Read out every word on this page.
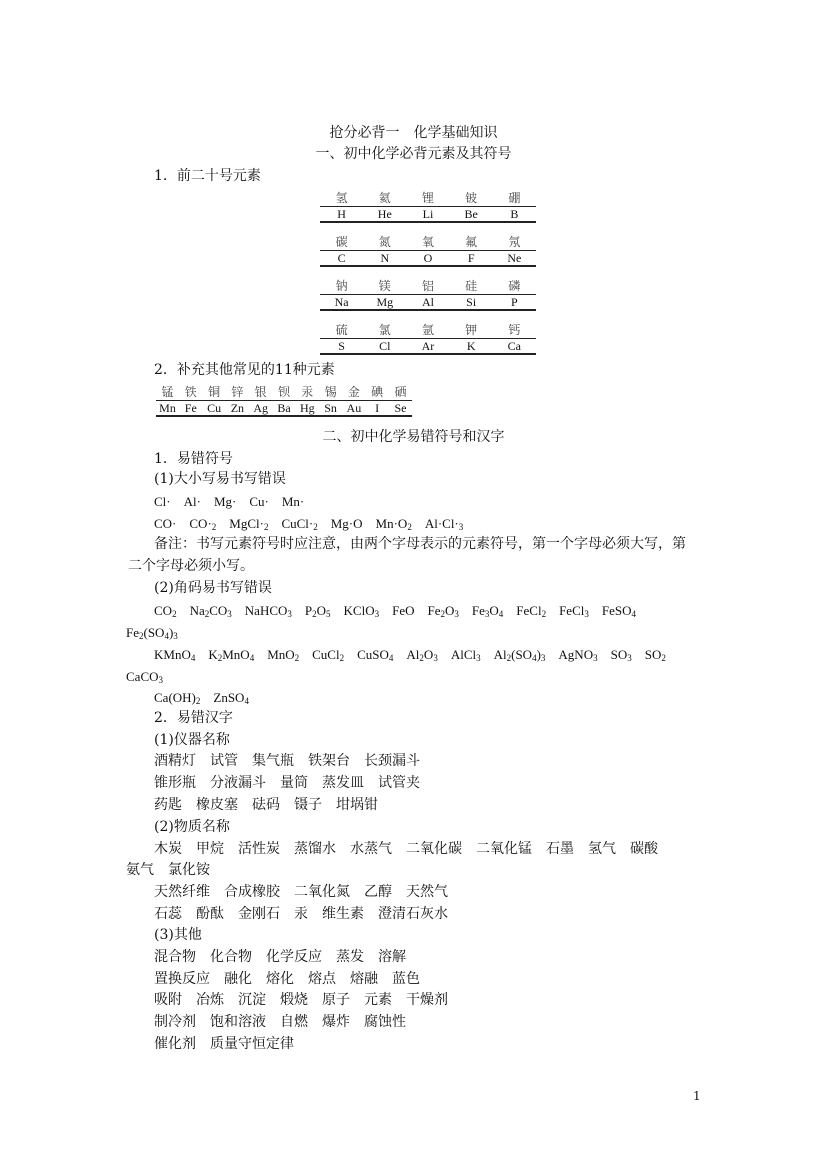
抢分必背一　化学基础知识
一、初中化学必背元素及其符号
1．前二十号元素
氢	氦	锂	铍	硼
H	He	Li	Be	B
碳	氮	氧	氟	氖
C	N	O	F	Ne
钠	镁	铝	硅	磷
Na	Mg	Al	Si	P
硫	氯	氩	钾	钙
S	Cl	Ar	K	Ca
2．补充其他常见的11种元素
锰 铁 铜 锌 银 钡 汞 锡 金 碘 硒
Mn Fe Cu Zn Ag Ba Hg Sn Au	I	Se
二、初中化学易错符号和汉字
1．易错符号
(1)大小写易书写错误
Cl·　Al·　Mg·　Cu·　Mn·
CO·　$CO\cdot_2$　$MgCl\cdot_2$　$CuCl\cdot_2$　Mg·O　$Mn\cdot O_2$　$Al\cdot Cl\cdot_3$
备注：书写元素符号时应注意，由两个字母表示的元素符号，第一个字母必须大写，第
二个字母必须小写。
(2)角码易书写错误
$CO_2$　$Na_2CO_3$　NaHCO$_3$　$P_2O_5$　KClO$_3$　FeO　$Fe_2O_3$　$Fe_3O_4$　FeCl$_2$　FeCl$_3$　FeSO$_4$
$Fe_2(SO_4)_3$
KMnO$_4$　$K_2MnO_4$　MnO$_2$　CuCl$_2$　CuSO$_4$　$Al_2O_3$　AlCl$_3$　$Al_2(SO_4)_3$　AgNO$_3$　$SO_3$　$SO_2$
CaCO$_3$
$Ca(OH)_2$　ZnSO$_4$
2．易错汉字
(1)仪器名称
酒精灯　试管　集气瓶　铁架台　长颈漏斗
锥形瓶　分液漏斗　量筒　蒸发皿　试管夹
药匙　橡皮塞　砝码　镊子　坩埚钳
(2)物质名称
木炭　甲烷　活性炭　蒸馏水　水蒸气　二氧化碳　二氧化锰　石墨　氢气　碳酸
氨气　氯化铵
天然纤维　合成橡胶　二氧化氮　乙醇　天然气
石蕊　酚酞　金刚石　汞　维生素　澄清石灰水
(3)其他
混合物　化合物　化学反应　蒸发　溶解
置换反应　融化　熔化　熔点　熔融　蓝色
吸附　冶炼　沉淀　煅烧　原子　元素　干燥剂
制冷剂　饱和溶液　自燃　爆炸　腐蚀性
催化剂　质量守恒定律
1
